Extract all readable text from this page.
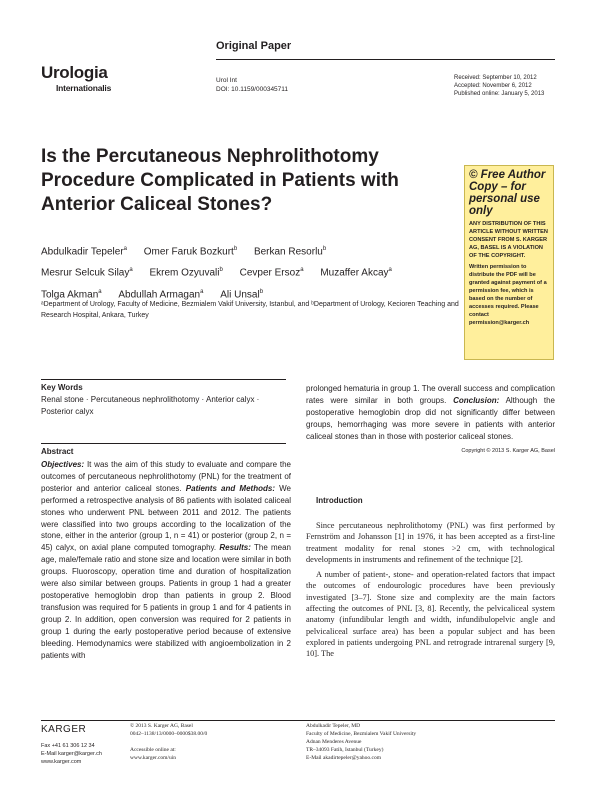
Original Paper
Urologia
Internationalis
Urol Int
DOI: 10.1159/000345711
Received: September 10, 2012
Accepted: November 6, 2012
Published online: January 5, 2013
Is the Percutaneous Nephrolithotomy Procedure Complicated in Patients with Anterior Caliceal Stones?
Abdulkadir Tepeler$^a$ Omer Faruk Bozkurt$^b$ Berkan Resorlu$^b$
Mesrur Selcuk Silay$^a$ Ekrem Ozyuvali$^b$ Cevper Ersoz$^a$ Muzaffer Akcay$^a$
Tolga Akman$^a$ Abdullah Armagan$^a$ Ali Unsal$^b$
ᵃDepartment of Urology, Faculty of Medicine, Bezmialem Vakif University, Istanbul, and ᵇDepartment of Urology, Kecioren Teaching and Research Hospital, Ankara, Turkey
© Free Author Copy – for personal use only
ANY DISTRIBUTION OF THIS ARTICLE WITHOUT WRITTEN CONSENT FROM S. KARGER AG, BASEL IS A VIOLATION OF THE COPYRIGHT.
Written permission to distribute the PDF will be granted against payment of a permission fee, which is based on the number of accesses required. Please contact permission@karger.ch
Key Words
Renal stone · Percutaneous nephrolithotomy · Anterior calyx · Posterior calyx
Abstract
Objectives: It was the aim of this study to evaluate and compare the outcomes of percutaneous nephrolithotomy (PNL) for the treatment of posterior and anterior caliceal stones. Patients and Methods: We performed a retrospective analysis of 86 patients with isolated caliceal stones who underwent PNL between 2011 and 2012. The patients were classified into two groups according to the localization of the stone, either in the anterior (group 1, n = 41) or posterior (group 2, n = 45) calyx, on axial plane computed tomography. Results: The mean age, male/female ratio and stone size and location were similar in both groups. Fluoroscopy, operation time and duration of hospitalization were also similar between groups. Patients in group 1 had a greater postoperative hemoglobin drop than patients in group 2. Blood transfusion was required for 5 patients in group 1 and for 4 patients in group 2. In addition, open conversion was required for 2 patients in group 1 during the early postoperative period because of extensive bleeding. Hemodynamics were stabilized with angioembolization in 2 patients with
prolonged hematuria in group 1. The overall success and complication rates were similar in both groups. Conclusion: Although the postoperative hemoglobin drop did not significantly differ between groups, hemorrhaging was more severe in patients with anterior caliceal stones than in those with posterior caliceal stones.
Copyright © 2013 S. Karger AG, Basel
Introduction

Since percutaneous nephrolithotomy (PNL) was first performed by Fernström and Johansson [1] in 1976, it has been accepted as a first-line treatment modality for renal stones >2 cm, with technological developments in instruments and refinement of the technique [2].

A number of patient-, stone- and operation-related factors that impact the outcomes of endourologic procedures have been previously investigated [3–7]. Stone size and complexity are the main factors affecting the outcomes of PNL [3, 8]. Recently, the pelvicaliceal system anatomy (infundibular length and width, infundibulopelvic angle and pelvicaliceal surface area) has been a popular subject and has been explored in patients undergoing PNL and retrograde intrarenal surgery [9, 10]. The

KARGER
Fax +41 61 306 12 34
E-Mail karger@karger.ch
www.karger.com
© 2013 S. Karger AG, Basel
0042–1138/13/0000–0000$38.00/0
Accessible online at:
www.karger.com/uin
Abdulkadir Tepeler, MD
Faculty of Medicine, Bezmialem Vakif University
Adnan Menderes Avenue
TR–34093 Fatih, Istanbul (Turkey)
E-Mail akadirtepeler@yahoo.com
